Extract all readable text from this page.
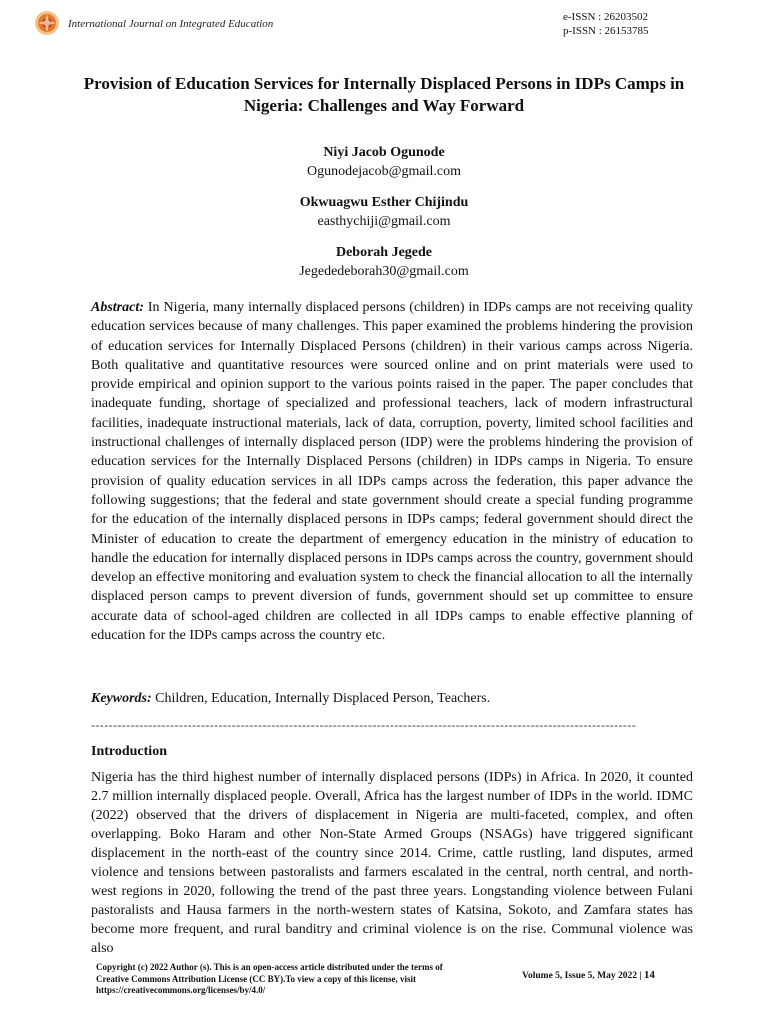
International Journal on Integrated Education
e-ISSN : 26203502
p-ISSN : 26153785
Provision of Education Services for Internally Displaced Persons in IDPs Camps in Nigeria: Challenges and Way Forward
Niyi Jacob Ogunode
Ogunodejacob@gmail.com
Okwuagwu Esther Chijindu
easthychiji@gmail.com
Deborah Jegede
Jegededeborah30@gmail.com

Abstract: In Nigeria, many internally displaced persons (children) in IDPs camps are not receiving quality education services because of many challenges. This paper examined the problems hindering the provision of education services for Internally Displaced Persons (children) in their various camps across Nigeria. Both qualitative and quantitative resources were sourced online and on print materials were used to provide empirical and opinion support to the various points raised in the paper. The paper concludes that inadequate funding, shortage of specialized and professional teachers, lack of modern infrastructural facilities, inadequate instructional materials, lack of data, corruption, poverty, limited school facilities and instructional challenges of internally displaced person (IDP) were the problems hindering the provision of education services for the Internally Displaced Persons (children) in IDPs camps in Nigeria. To ensure provision of quality education services in all IDPs camps across the federation, this paper advance the following suggestions; that the federal and state government should create a special funding programme for the education of the internally displaced persons in IDPs camps; federal government should direct the Minister of education to create the department of emergency education in the ministry of education to handle the education for internally displaced persons in IDPs camps across the country, government should develop an effective monitoring and evaluation system to check the financial allocation to all the internally displaced person camps to prevent diversion of funds, government should set up committee to ensure accurate data of school-aged children are collected in all IDPs camps to enable effective planning of education for the IDPs camps across the country etc.

Keywords: Children, Education, Internally Displaced Person, Teachers.

----------------------------------------------------------------------------------------------------------------------------

Introduction

Nigeria has the third highest number of internally displaced persons (IDPs) in Africa. In 2020, it counted 2.7 million internally displaced people. Overall, Africa has the largest number of IDPs in the world. IDMC (2022) observed that the drivers of displacement in Nigeria are multi-faceted, complex, and often overlapping. Boko Haram and other Non-State Armed Groups (NSAGs) have triggered significant displacement in the north-east of the country since 2014. Crime, cattle rustling, land disputes, armed violence and tensions between pastoralists and farmers escalated in the central, north central, and north-west regions in 2020, following the trend of the past three years. Longstanding violence between Fulani pastoralists and Hausa farmers in the north-western states of Katsina, Sokoto, and Zamfara states has become more frequent, and rural banditry and criminal violence is on the rise. Communal violence was also

Copyright (c) 2022 Author (s). This is an open-access article distributed under the terms of Creative Commons Attribution License (CC BY).To view a copy of this license, visit https://creativecommons.org/licenses/by/4.0/
Volume 5, Issue 5, May 2022 | 14
